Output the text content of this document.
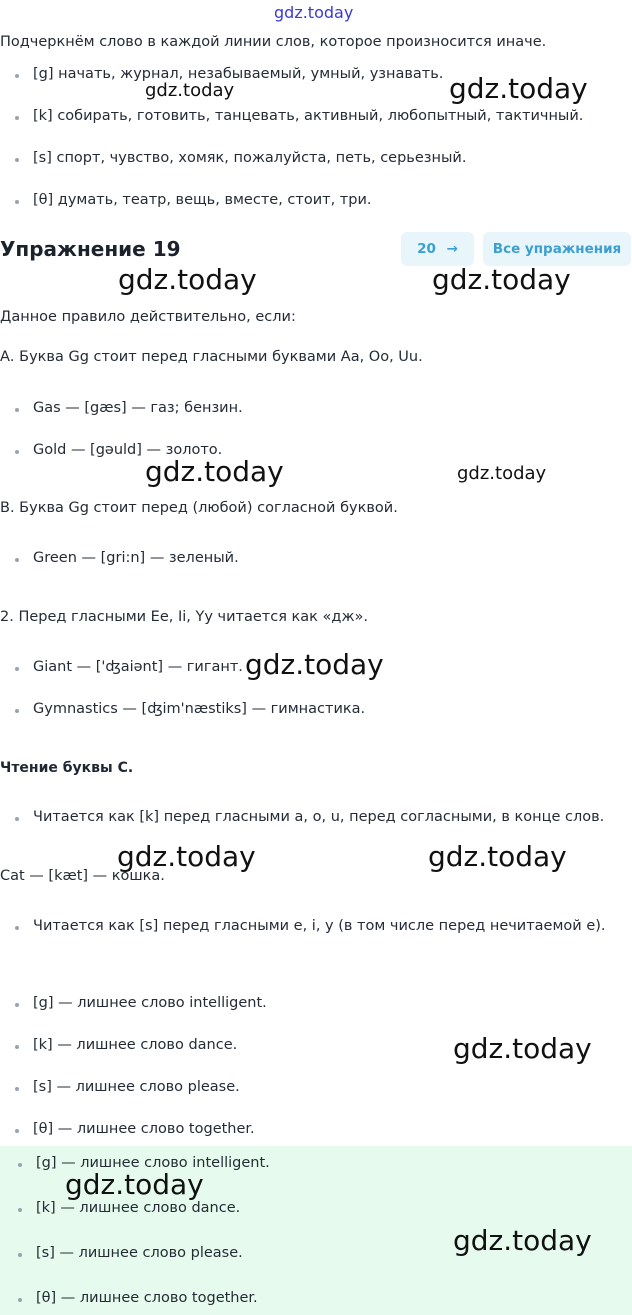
gdz.today
Подчеркнём слово в каждой линии слов, которое произносится иначе.
[g] начать, журнал, незабываемый, умный, узнавать.
[k] собирать, готовить, танцевать, активный, любопытный, тактичный.
[s] спорт, чувство, хомяк, пожалуйста, петь, серьезный.
[θ] думать, театр, вещь, вместе, стоит, три.
Упражнение 19	20 →	Все упражнения
Данное правило действительно, если:
А. Буква Gg стоит перед гласными буквами Aa, Oo, Uu.
Gas — [gæs] — газ; бензин.
Gold — [gəuld] — золото.
В. Буква Gg стоит перед (любой) согласной буквой.
Green — [gri:n] — зеленый.
2. Перед гласными Ee, Ii, Yy читается как «дж».
Giant — ['ʤaiənt] — гигант.
Gymnastics — [ʤim'næstiks] — гимнастика.
Чтение буквы С.
Читается как [k] перед гласными a, o, u, перед согласными, в конце слов.
Cat — [kæt] — кошка.
Читается как [s] перед гласными e, i, y (в том числе перед нечитаемой e).
[g] — лишнее слово intelligent.
[k] — лишнее слово dance.
[s] — лишнее слово please.
[θ] — лишнее слово together.
[g] — лишнее слово intelligent.
[k] — лишнее слово dance.
[s] — лишнее слово please.
[θ] — лишнее слово together.
gdz.today	gdz.today
gdz.today	gdz.today
gdz.today	gdz.today
gdz.today
gdz.today	gdz.today
gdz.today
gdz.today
gdz.today
